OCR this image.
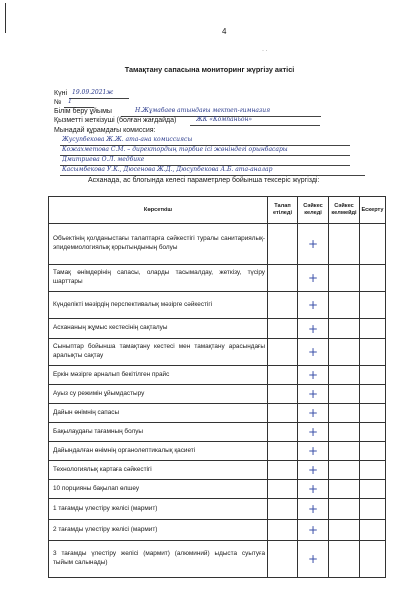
· ·
4
Тамақтану сапасына мониторинг жүргізу актісі
Күні 19.09.2021ж
№ 1
Білім беру ұйымы	Н.Жұмабаев атындағы мектеп-гимназия
Қызметті жеткізуші (болған жағдайда)	ЖК «Компаньон»
Мынадай құрамдағы комиссия:
Жусупбекова Ж.Ж. ата-ана комиссиясы
Кожахметова С.М. – директордың тәрбие ісі жөніндегі орынбасары
Дмитриева О.Л. медбике
Касымбекова У.К., Дюсенова Ж.Д., Дюсупбекова А.Б. ата-аналар
Асханада, ас блогында келесі параметрлер бойынша тексеріс жүргізді:
Көрсеткіш	Талап етіледі	Сәйкес келеді	Сәйкес келмейді	Ескерту
Объектінің қолданыстағы талаптарға сәйкестігі туралы санитариялық-эпидемиологиялық қорытындының болуы		+		
Тамақ өнімдерінің сапасы, оларды тасымалдау, жеткізу, түсіру шарттары		+		
Күнделікті мәзірдің перспективалық мәзірге сәйкестігі		+		
Асхананың жұмыс кестесінің сақталуы		+		
Сыныптар бойынша тамақтану кестесі мен тамақтану арасындағы аралықты сақтау		+		
Еркін мәзірге арналып бекітілген прайс		+		
Ауыз су режимін ұйымдастыру		+		
Дайын өнімнің сапасы		+		
Бақылаудағы тағамның болуы		+		
Дайындалған өнімнің органолептикалық қасиеті		+		
Технологиялық картаға сәйкестігі		+		
10 порцияны бақылап өлшеу		+		
1 тағамды үлестіру желісі (мармит)		+		
2 тағамды үлестіру желісі (мармит)		+		
3 тағамды үлестіру желісі (мармит) (алюминий) ыдыста суытуға тыйым салынады)		+		
